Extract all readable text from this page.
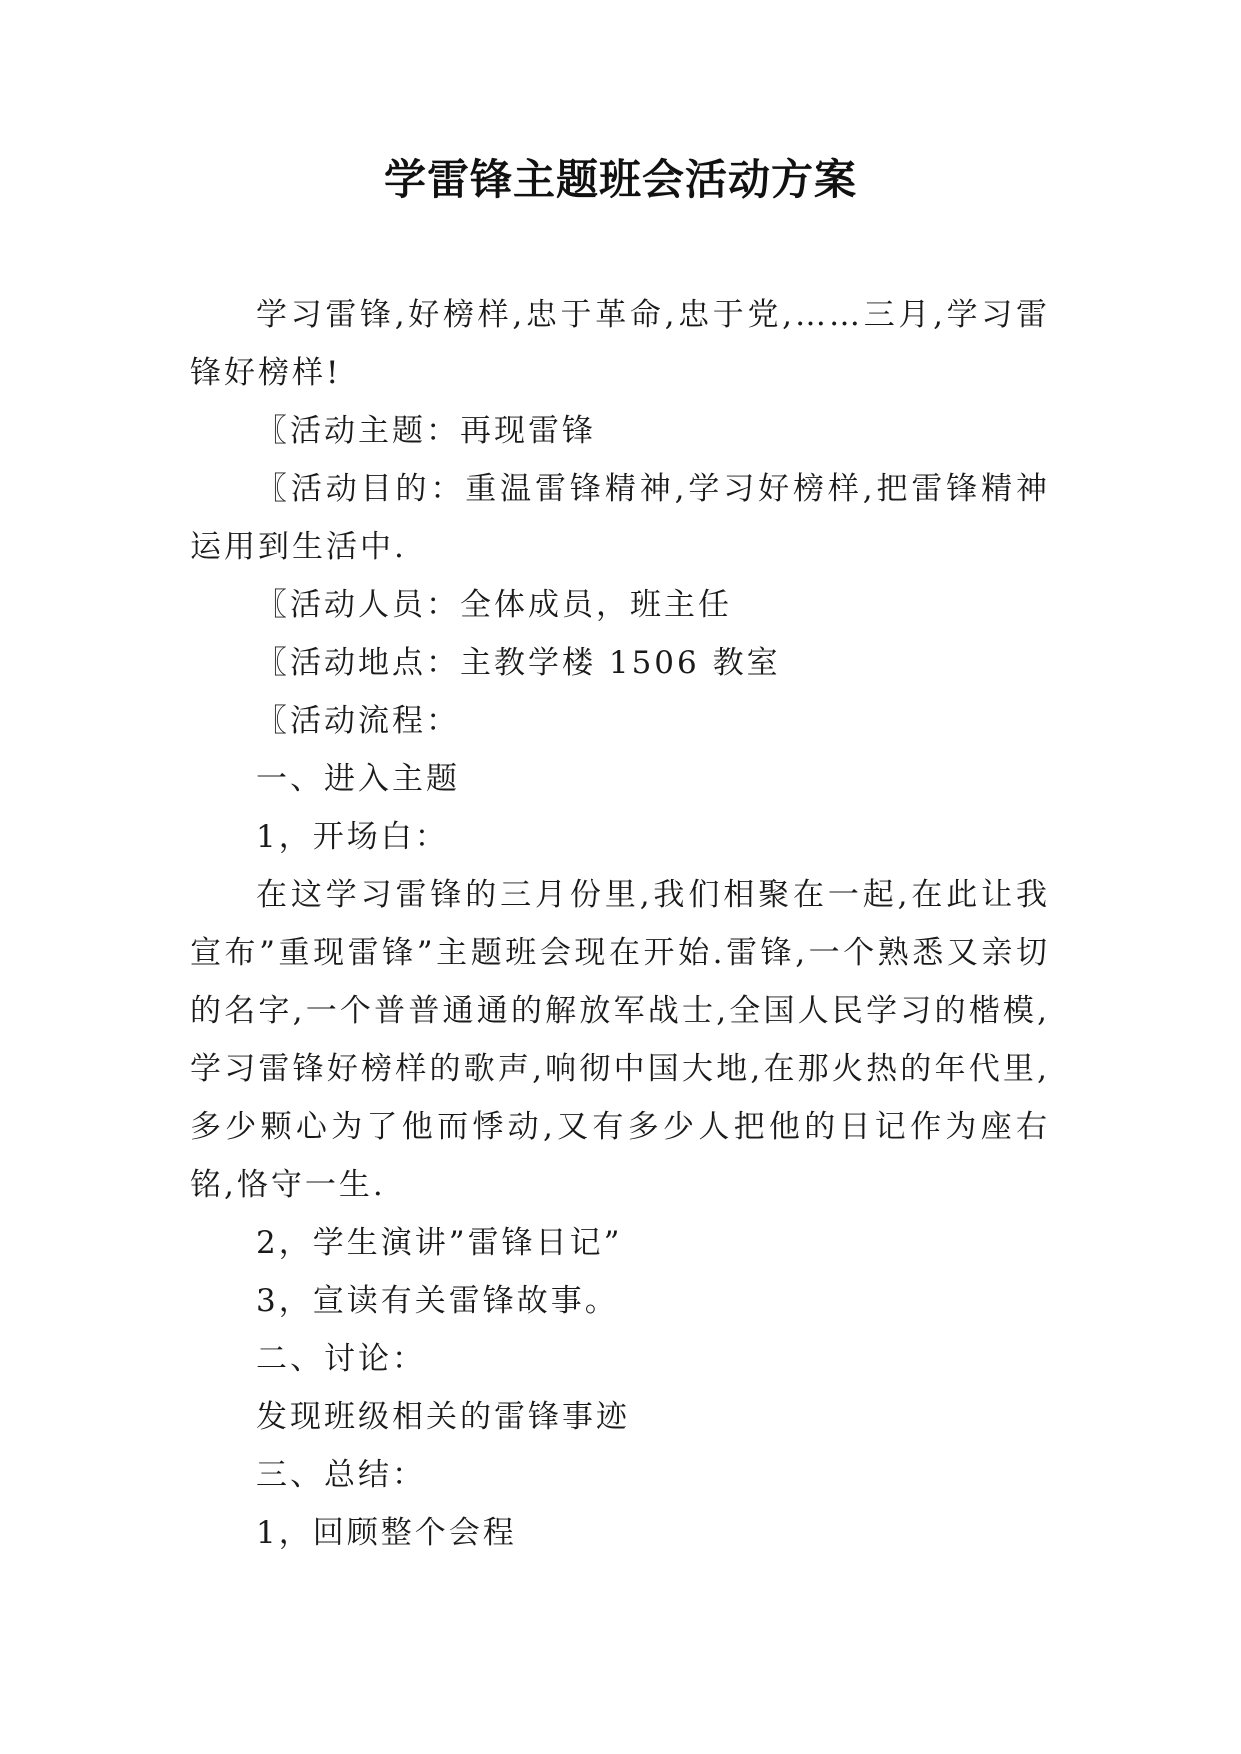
学雷锋主题班会活动方案

学习雷锋,好榜样,忠于革命,忠于党,……三月,学习雷锋好榜样!

〖活动主题：再现雷锋

〖活动目的：重温雷锋精神,学习好榜样,把雷锋精神运用到生活中.

〖活动人员：全体成员，班主任

〖活动地点：主教学楼 1506 教室

〖活动流程：

一、进入主题

1，开场白：

在这学习雷锋的三月份里,我们相聚在一起,在此让我宣布”重现雷锋”主题班会现在开始.雷锋,一个熟悉又亲切的名字,一个普普通通的解放军战士,全国人民学习的楷模,学习雷锋好榜样的歌声,响彻中国大地,在那火热的年代里,多少颗心为了他而悸动,又有多少人把他的日记作为座右铭,恪守一生.

2，学生演讲”雷锋日记”

3，宣读有关雷锋故事。

二、讨论：

发现班级相关的雷锋事迹

三、总结：

1，回顾整个会程
